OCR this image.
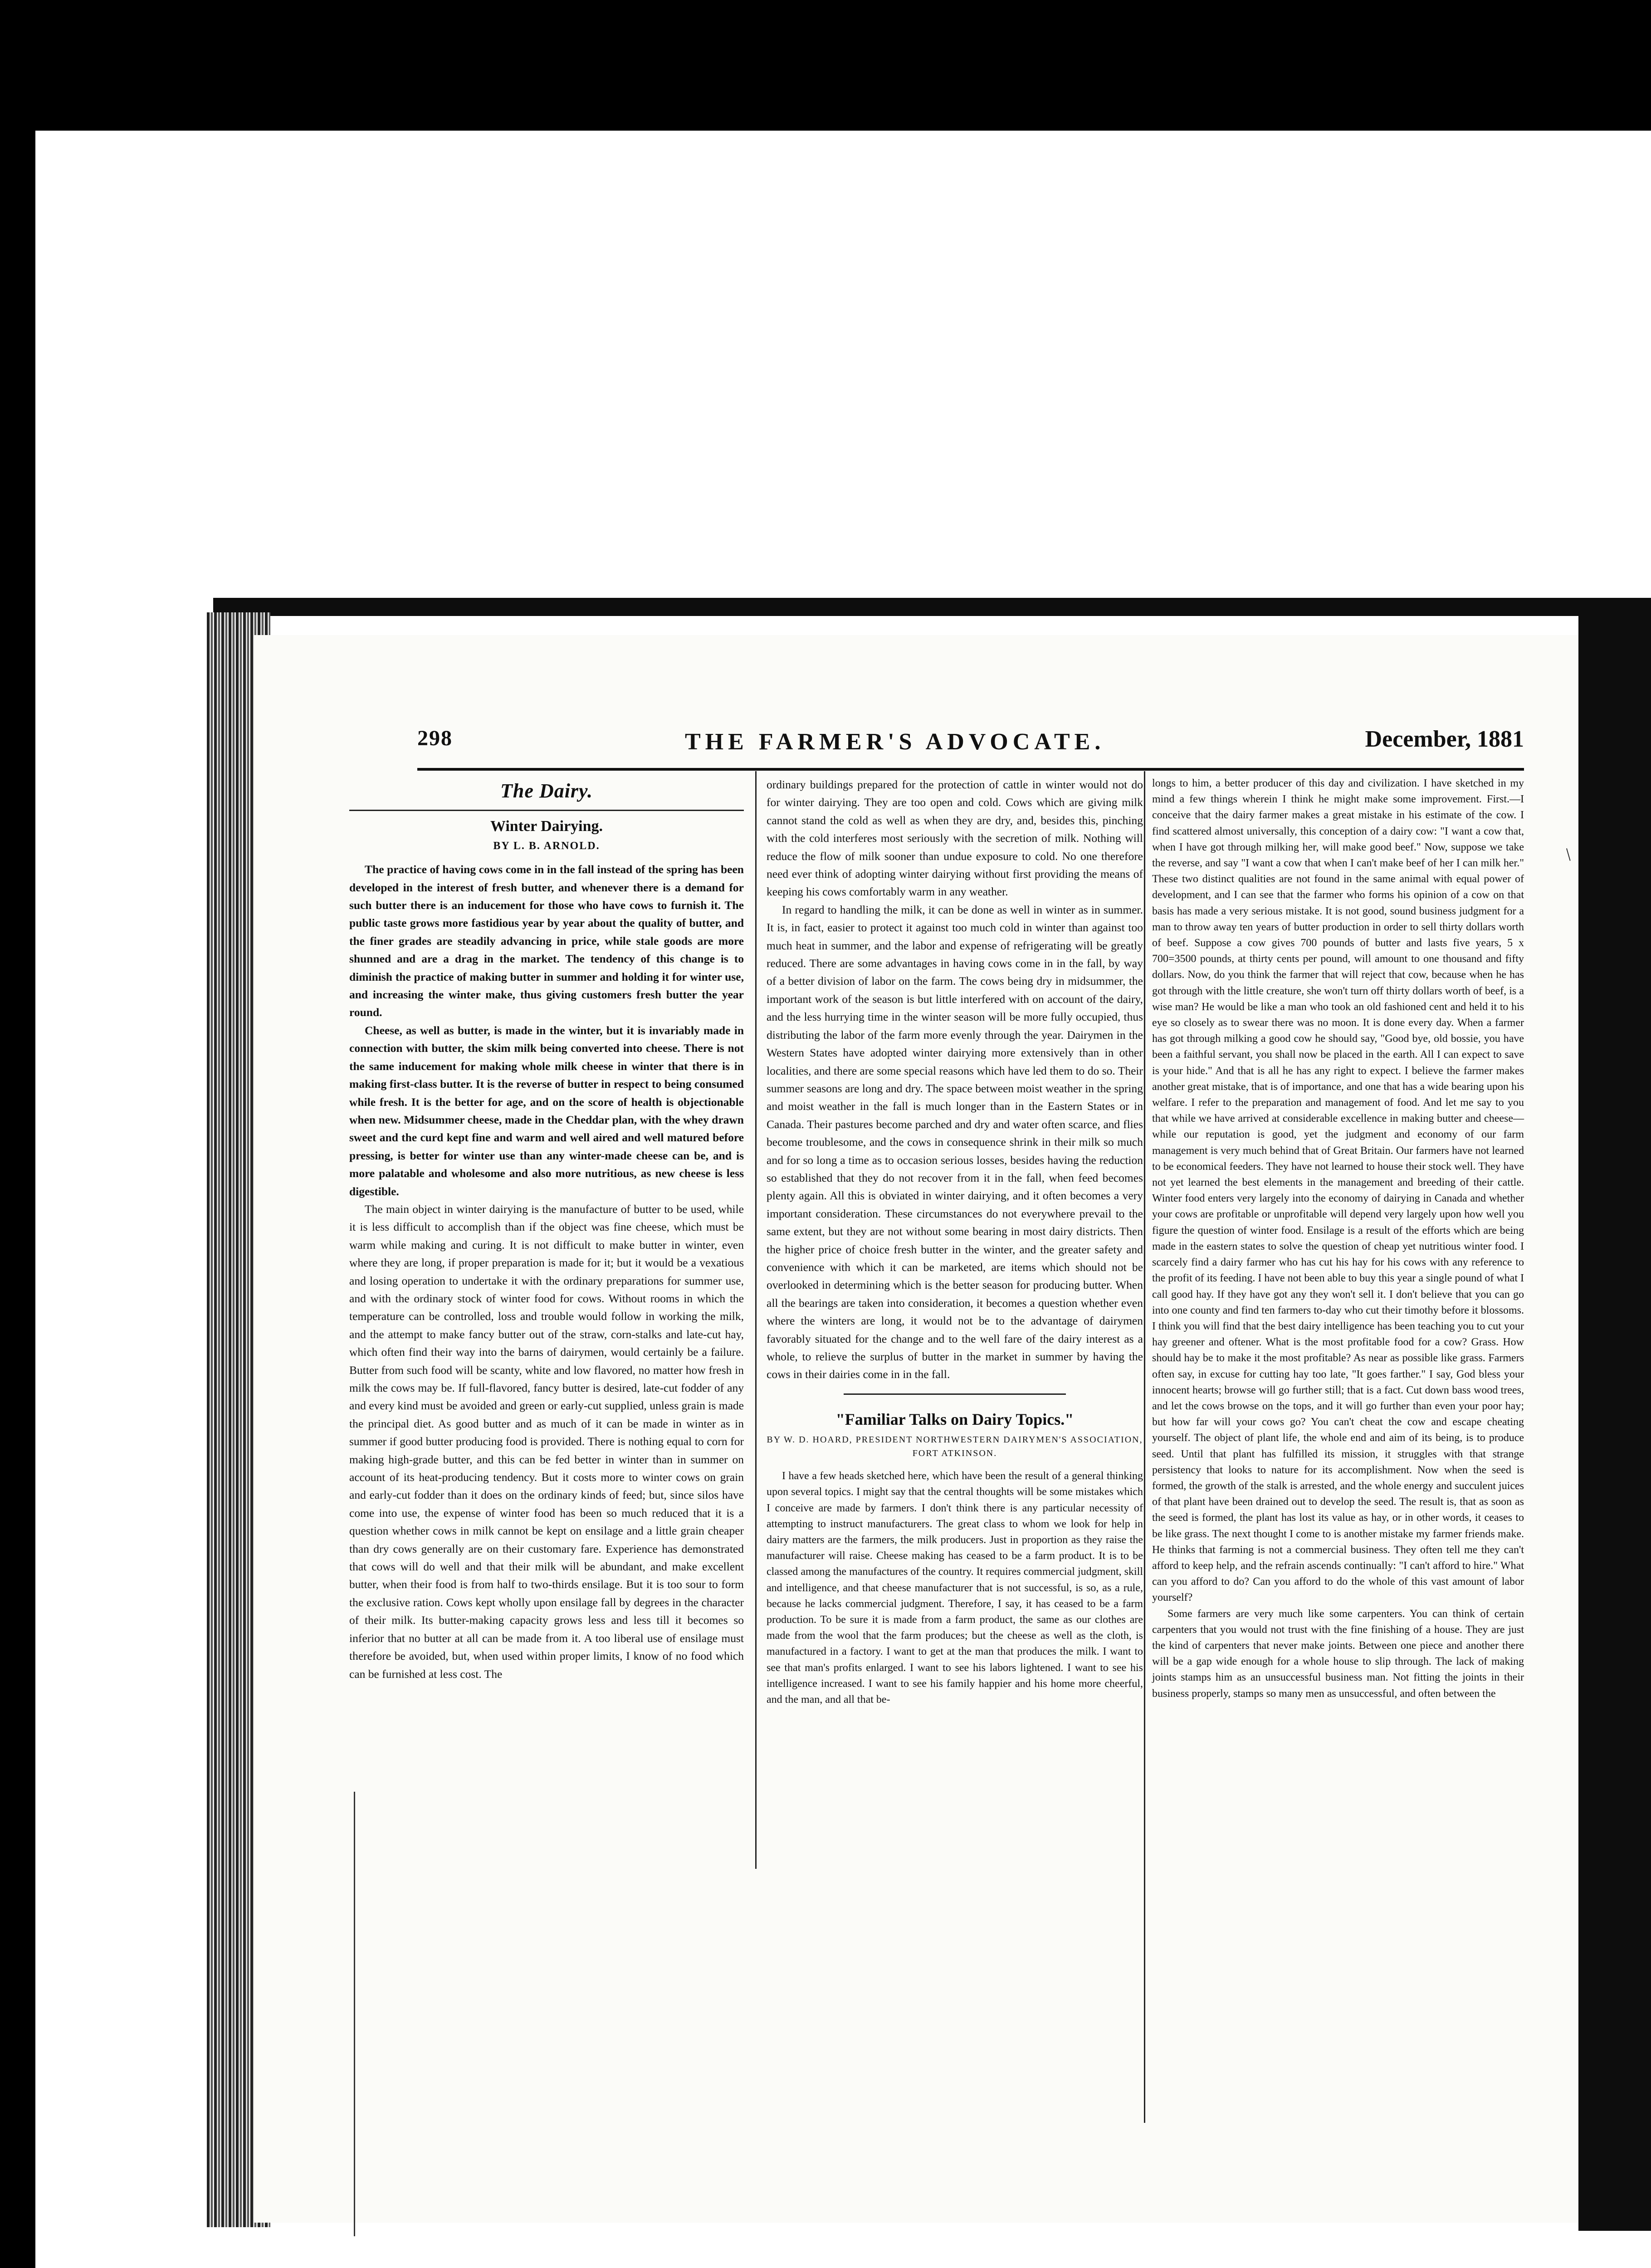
298	THE FARMER'S ADVOCATE.	December, 1881
The Dairy.
Winter Dairying.
BY L. B. ARNOLD.

The practice of having cows come in in the fall instead of the spring has been developed in the interest of fresh butter, and whenever there is a demand for such butter there is an inducement for those who have cows to furnish it. The public taste grows more fastidious year by year about the quality of butter, and the finer grades are steadily advancing in price, while stale goods are more shunned and are a drag in the market. The tendency of this change is to diminish the practice of making butter in summer and holding it for winter use, and increasing the winter make, thus giving customers fresh butter the year round.

Cheese, as well as butter, is made in the winter, but it is invariably made in connection with butter, the skim milk being converted into cheese. There is not the same inducement for making whole milk cheese in winter that there is in making first-class butter. It is the reverse of butter in respect to being consumed while fresh. It is the better for age, and on the score of health is objectionable when new. Midsummer cheese, made in the Cheddar plan, with the whey drawn sweet and the curd kept fine and warm and well aired and well matured before pressing, is better for winter use than any winter-made cheese can be, and is more palatable and wholesome and also more nutritious, as new cheese is less digestible.

The main object in winter dairying is the manufacture of butter to be used, while it is less difficult to accomplish than if the object was fine cheese, which must be warm while making and curing. It is not difficult to make butter in winter, even where they are long, if proper preparation is made for it; but it would be a vexatious and losing operation to undertake it with the ordinary preparations for summer use, and with the ordinary stock of winter food for cows. Without rooms in which the temperature can be controlled, loss and trouble would follow in working the milk, and the attempt to make fancy butter out of the straw, corn-stalks and late-cut hay, which often find their way into the barns of dairymen, would certainly be a failure. Butter from such food will be scanty, white and low flavored, no matter how fresh in milk the cows may be. If full-flavored, fancy butter is desired, late-cut fodder of any and every kind must be avoided and green or early-cut supplied, unless grain is made the principal diet. As good butter and as much of it can be made in winter as in summer if good butter producing food is provided. There is nothing equal to corn for making high-grade butter, and this can be fed better in winter than in summer on account of its heat-producing tendency. But it costs more to winter cows on grain and early-cut fodder than it does on the ordinary kinds of feed; but, since silos have come into use, the expense of winter food has been so much reduced that it is a question whether cows in milk cannot be kept on ensilage and a little grain cheaper than dry cows generally are on their customary fare. Experience has demonstrated that cows will do well and that their milk will be abundant, and make excellent butter, when their food is from half to two-thirds ensilage. But it is too sour to form the exclusive ration. Cows kept wholly upon ensilage fall by degrees in the character of their milk. Its butter-making capacity grows less and less till it becomes so inferior that no butter at all can be made from it. A too liberal use of ensilage must therefore be avoided, but, when used within proper limits, I know of no food which can be furnished at less cost. The

ordinary buildings prepared for the protection of cattle in winter would not do for winter dairying. They are too open and cold. Cows which are giving milk cannot stand the cold as well as when they are dry, and, besides this, pinching with the cold interferes most seriously with the secretion of milk. Nothing will reduce the flow of milk sooner than undue exposure to cold. No one therefore need ever think of adopting winter dairying without first providing the means of keeping his cows comfortably warm in any weather.

In regard to handling the milk, it can be done as well in winter as in summer. It is, in fact, easier to protect it against too much cold in winter than against too much heat in summer, and the labor and expense of refrigerating will be greatly reduced. There are some advantages in having cows come in in the fall, by way of a better division of labor on the farm. The cows being dry in midsummer, the important work of the season is but little interfered with on account of the dairy, and the less hurrying time in the winter season will be more fully occupied, thus distributing the labor of the farm more evenly through the year. Dairymen in the Western States have adopted winter dairying more extensively than in other localities, and there are some special reasons which have led them to do so. Their summer seasons are long and dry. The space between moist weather in the spring and moist weather in the fall is much longer than in the Eastern States or in Canada. Their pastures become parched and dry and water often scarce, and flies become troublesome, and the cows in consequence shrink in their milk so much and for so long a time as to occasion serious losses, besides having the reduction so established that they do not recover from it in the fall, when feed becomes plenty again. All this is obviated in winter dairying, and it often becomes a very important consideration. These circumstances do not everywhere prevail to the same extent, but they are not without some bearing in most dairy districts. Then the higher price of choice fresh butter in the winter, and the greater safety and convenience with which it can be marketed, are items which should not be overlooked in determining which is the better season for producing butter. When all the bearings are taken into consideration, it becomes a question whether even where the winters are long, it would not be to the advantage of dairymen favorably situated for the change and to the well fare of the dairy interest as a whole, to relieve the surplus of butter in the market in summer by having the cows in their dairies come in in the fall.

"Familiar Talks on Dairy Topics."
BY W. D. HOARD, PRESIDENT NORTHWESTERN DAIRYMEN'S ASSOCIATION, FORT ATKINSON.

I have a few heads sketched here, which have been the result of a general thinking upon several topics. I might say that the central thoughts will be some mistakes which I conceive are made by farmers. I don't think there is any particular necessity of attempting to instruct manufacturers. The great class to whom we look for help in dairy matters are the farmers, the milk producers. Just in proportion as they raise the manufacturer will raise. Cheese making has ceased to be a farm product. It is to be classed among the manufactures of the country. It requires commercial judgment, skill and intelligence, and that cheese manufacturer that is not successful, is so, as a rule, because he lacks commercial judgment. Therefore, I say, it has ceased to be a farm production. To be sure it is made from a farm product, the same as our clothes are made from the wool that the farm produces; but the cheese as well as the cloth, is manufactured in a factory. I want to get at the man that produces the milk. I want to see that man's profits enlarged. I want to see his labors lightened. I want to see his intelligence increased. I want to see his family happier and his home more cheerful, and the man, and all that be-

longs to him, a better producer of this day and civilization. I have sketched in my mind a few things wherein I think he might make some improvement. First.—I conceive that the dairy farmer makes a great mistake in his estimate of the cow. I find scattered almost universally, this conception of a dairy cow: "I want a cow that, when I have got through milking her, will make good beef." Now, suppose we take the reverse, and say "I want a cow that when I can't make beef of her I can milk her." These two distinct qualities are not found in the same animal with equal power of development, and I can see that the farmer who forms his opinion of a cow on that basis has made a very serious mistake. It is not good, sound business judgment for a man to throw away ten years of butter production in order to sell thirty dollars worth of beef. Suppose a cow gives 700 pounds of butter and lasts five years, 5 x 700=3500 pounds, at thirty cents per pound, will amount to one thousand and fifty dollars. Now, do you think the farmer that will reject that cow, because when he has got through with the little creature, she won't turn off thirty dollars worth of beef, is a wise man? He would be like a man who took an old fashioned cent and held it to his eye so closely as to swear there was no moon. It is done every day. When a farmer has got through milking a good cow he should say, "Good bye, old bossie, you have been a faithful servant, you shall now be placed in the earth. All I can expect to save is your hide." And that is all he has any right to expect. I believe the farmer makes another great mistake, that is of importance, and one that has a wide bearing upon his welfare. I refer to the preparation and management of food. And let me say to you that while we have arrived at considerable excellence in making butter and cheese—while our reputation is good, yet the judgment and economy of our farm management is very much behind that of Great Britain. Our farmers have not learned to be economical feeders. They have not learned to house their stock well. They have not yet learned the best elements in the management and breeding of their cattle. Winter food enters very largely into the economy of dairying in Canada and whether your cows are profitable or unprofitable will depend very largely upon how well you figure the question of winter food. Ensilage is a result of the efforts which are being made in the eastern states to solve the question of cheap yet nutritious winter food. I scarcely find a dairy farmer who has cut his hay for his cows with any reference to the profit of its feeding. I have not been able to buy this year a single pound of what I call good hay. If they have got any they won't sell it. I don't believe that you can go into one county and find ten farmers to-day who cut their timothy before it blossoms. I think you will find that the best dairy intelligence has been teaching you to cut your hay greener and oftener. What is the most profitable food for a cow? Grass. How should hay be to make it the most profitable? As near as possible like grass. Farmers often say, in excuse for cutting hay too late, "It goes farther." I say, God bless your innocent hearts; browse will go further still; that is a fact. Cut down bass wood trees, and let the cows browse on the tops, and it will go further than even your poor hay; but how far will your cows go? You can't cheat the cow and escape cheating yourself. The object of plant life, the whole end and aim of its being, is to produce seed. Until that plant has fulfilled its mission, it struggles with that strange persistency that looks to nature for its accomplishment. Now when the seed is formed, the growth of the stalk is arrested, and the whole energy and succulent juices of that plant have been drained out to develop the seed. The result is, that as soon as the seed is formed, the plant has lost its value as hay, or in other words, it ceases to be like grass. The next thought I come to is another mistake my farmer friends make. He thinks that farming is not a commercial business. They often tell me they can't afford to keep help, and the refrain ascends continually: "I can't afford to hire." What can you afford to do? Can you afford to do the whole of this vast amount of labor yourself?

Some farmers are very much like some carpenters. You can think of certain carpenters that you would not trust with the fine finishing of a house. They are just the kind of carpenters that never make joints. Between one piece and another there will be a gap wide enough for a whole house to slip through. The lack of making joints stamps him as an unsuccessful business man. Not fitting the joints in their business properly, stamps so many men as unsuccessful, and often between the

/
